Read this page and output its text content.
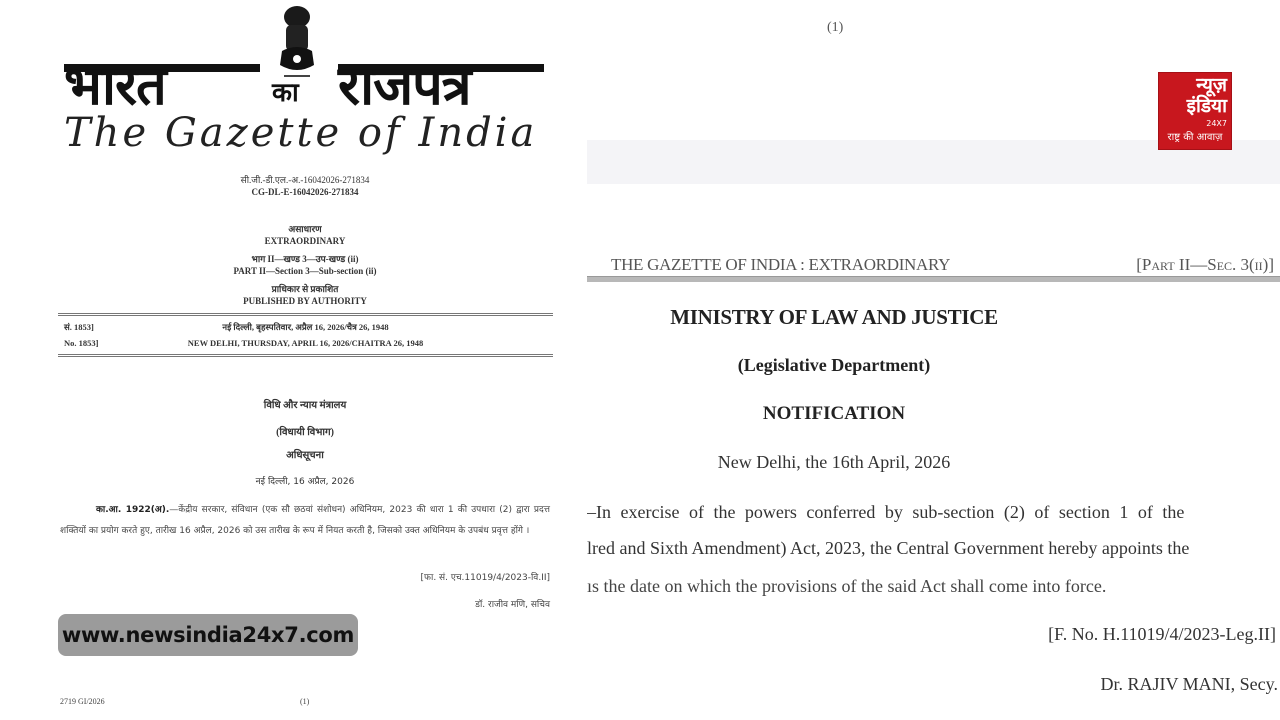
भारत	का राजपत्र
The Gazette of India
सी.जी.-डी.एल.-अ.-16042026-271834
CG-DL-E-16042026-271834
असाधारण
EXTRAORDINARY
भाग II—खण्ड 3—उप-खण्ड (ii)
PART II—Section 3—Sub-section (ii)
प्राधिकार से प्रकाशित
PUBLISHED BY AUTHORITY
सं. 1853]	नई दिल्ली, बृहस्पतिवार, अप्रैल 16, 2026/चैत्र 26, 1948
No. 1853]	NEW DELHI, THURSDAY, APRIL 16, 2026/CHAITRA 26, 1948
विधि और न्याय मंत्रालय
(विधायी विभाग)
अधिसूचना
नई दिल्ली, 16 अप्रैल, 2026
का.आ. 1922(अ).—केंद्रीय सरकार, संविधान (एक सौ छठवां संशोधन) अधिनियम, 2023 की धारा 1 की उपधारा (2) द्वारा प्रदत्त शक्तियों का प्रयोग करते हुए, तारीख 16 अप्रैल, 2026 को उस तारीख के रूप में नियत करती है, जिसको उक्त अधिनियम के उपबंध प्रवृत्त होंगे ।
[फा. सं. एच.11019/4/2023-वि.II]
डॉ. राजीव मणि, सचिव
www.newsindia24x7.com
2719 GI/2026	(1)
(1)
न्यूज़
इंडिया
24X7
राष्ट्र की आवाज़
THE GAZETTE OF INDIA : EXTRAORDINARY	[Part II—Sec. 3(ii)]
MINISTRY OF LAW AND JUSTICE
(Legislative Department)
NOTIFICATION
New Delhi, the 16th April, 2026
–In exercise of the powers conferred by sub-section (2) of section 1 of the
lred and Sixth Amendment) Act, 2023, the Central Government hereby appoints the
ıs the date on which the provisions of the said Act shall come into force.
[F. No. H.11019/4/2023-Leg.II]
Dr. RAJIV MANI, Secy.
